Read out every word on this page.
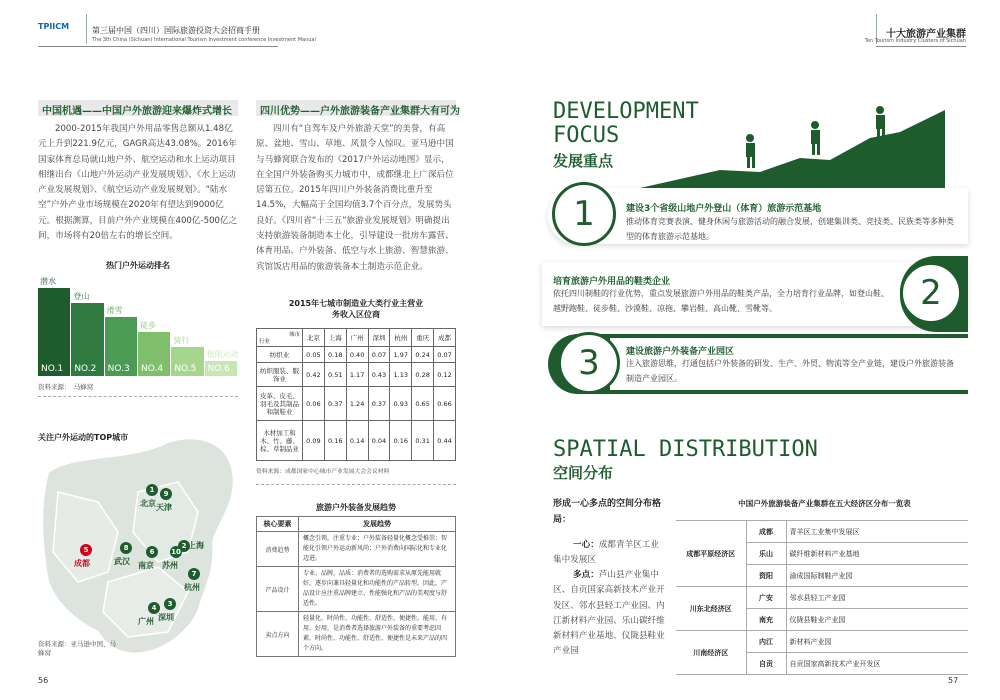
TPIICM	第三届中国（四川）国际旅游投资大会招商手册
The 3th China (Sichuan) International Tourism Investment conference Investment Manual	十大旅游产业集群
Ten Tourism Industry Clusters of Sichuan
中国机遇——中国户外旅游迎来爆炸式增长
2000-2015年我国户外用品零售总额从1.48亿元上升到221.9亿元，GAGR高达43.08%。2016年国家体育总局就山地户外、航空运动和水上运动项目相继出台《山地户外运动产业发展规划》、《水上运动产业发展规划》、《航空运动产业发展规划》。“陆水空”户外产业市场规模在2020年有望达到9000亿元。根据测算，目前户外产业规模在400亿-500亿之间，市场将有20倍左右的增长空间。
热门户外运动排名
NO.1
潜水
NO.2
登山
NO.3
滑雪
NO.4
徒步
NO.5
骑行
NO.6
极限运动
资料来源：　马蜂窝
关注户外运动的TOP城市
1
北京
9
天津
2 上海
6
南京
10
苏州
7
杭州
8
武汉
5
成都
4
广州
3
深圳
资料来源：亚马逊中国、马蜂窝
56
四川优势——户外旅游装备产业集群大有可为
四川有“自驾车及户外旅游天堂”的美誉，有高原、盆地、雪山、草地、风景令人惊叹。亚马逊中国与马蜂窝联合发布的《2017户外运动地图》显示，在全国户外装备购买力城市中，成都继北上广深后位居第五位。2015年四川户外装备消费比重升至14.5%，大幅高于全国均值3.7个百分点，发展势头良好。《四川省“十三五”旅游业发展规划》明确提出支持旅游装备制造本土化，引导建设一批房车露营、体育用品、户外装备、低空与水上旅游、智慧旅游、宾馆饭店用品的旅游装备本土制造示范企业。
2015年七城市制造业大类行业主营业务收入区位商
城市
行业	北京	上海	广州	深圳	杭州	重庆	成都
纺织业	0.05	0.18	0.40	0.07	1.97	0.24	0.07
纺织服装、服饰业	0.42	0.51	1.17	0.43	1.13	0.28	0.12
皮革、皮毛、羽毛及其制品和制鞋业	0.06	0.37	1.24	0.37	0.93	0.65	0.66
木材加工和木、竹、藤、棕、草制品业	0.09	0.16	0.14	0.04	0.16	0.31	0.44
资料来源：成都国家中心城市产业发展大会会议材料
旅游户外装备发展趋势
核心要素	发展趋势
消费趋势	概念引领，注重专业；户外装备轻量化概念受推崇；智能化引领户外运动新风尚；户外消费向国际化和专业化迈进。
产品设计	专业、品牌，品质：消费者的选购需求从原先能用就好，逐步向兼具轻量化和功能性的产品转型，因此，产品设计应注重品牌建立、性能强化和产品的美观度与舒适性。
卖点方向	轻量化、时尚性、功能性、舒适性、便捷性。能用、有用、好用，是消费者选择旅游户外装备的重要考虑因素，时尚性、功能性、舒适性、便捷性是未来产品的四个方向。
DEVELOPMENT
FOCUS
发展重点
1	建设3个省级山地户外登山（体育）旅游示范基地
推动体育竞赛表演、健身休闲与旅游活动的融合发展，创建集训类、竞技类、民族类等多种类型的体育旅游示范基地。
2
培育旅游户外用品的鞋类企业
依托四川制鞋的行业优势，重点发展旅游户外用品的鞋类产品，全力培育行业品牌，如登山鞋、越野跑鞋、徒步鞋、沙漠鞋、凉拖、攀岩鞋、高山靴、雪靴等。
3	建设旅游户外装备产业园区
注入旅游思维，打通包括户外装备的研发、生产、外贸、物流等全产业链，建设户外旅游装备制造产业园区。
SPATIAL DISTRIBUTION
空间分布
形成一心多点的空间分布格局：
一心：成都青羊区工业集中发展区
多点：芦山县产业集中区、自贡国家高新技术产业开发区、邻水县轻工产业园、内江新材料产业园、乐山碳纤维新材料产业基地、仪陇县鞋业产业园
中国户外旅游装备产业集群在五大经济区分布一览表
成都平原经济区	成都	青羊区工业集中发展区
	乐山	碳纤维新材料产业基地
	资阳	渝成国际制鞋产业园
川东北经济区	广安	邻水县轻工产业园
	南充	仪陇县鞋业产业园
川南经济区	内江	新材料产业园
	自贡	自贡国家高新技术产业开发区
57
